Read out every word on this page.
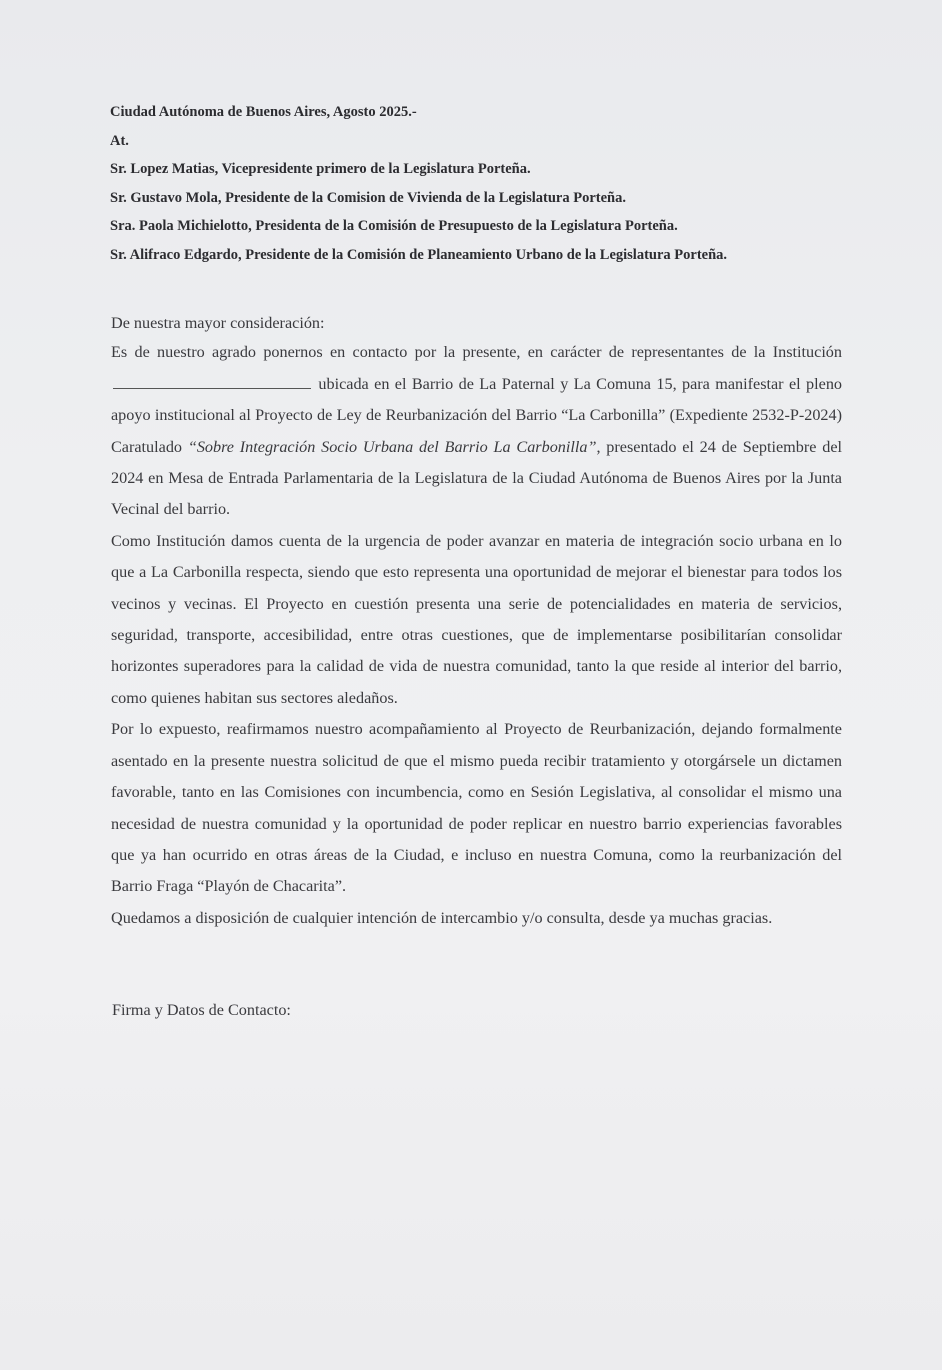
Ciudad Autónoma de Buenos Aires, Agosto 2025.-
At.
Sr. Lopez Matias, Vicepresidente primero de la Legislatura Porteña.
Sr. Gustavo Mola, Presidente de la Comision de Vivienda de la Legislatura Porteña.
Sra. Paola Michielotto, Presidenta de la Comisión de Presupuesto de la Legislatura Porteña.
Sr. Alifraco Edgardo, Presidente de la Comisión de Planeamiento Urbano de la Legislatura Porteña.

De nuestra mayor consideración:

Es de nuestro agrado ponernos en contacto por la presente, en carácter de representantes de la Institución  ubicada en el Barrio de La Paternal y La Comuna 15, para manifestar el pleno apoyo institucional al Proyecto de Ley de Reurbanización del Barrio “La Carbonilla” (Expediente 2532-P-2024) Caratulado “Sobre Integración Socio Urbana del Barrio La Carbonilla”, presentado el 24 de Septiembre del 2024 en Mesa de Entrada Parlamentaria de la Legislatura de la Ciudad Autónoma de Buenos Aires por la Junta Vecinal del barrio.

Como Institución damos cuenta de la urgencia de poder avanzar en materia de integración socio urbana en lo que a La Carbonilla respecta, siendo que esto representa una oportunidad de mejorar el bienestar para todos los vecinos y vecinas. El Proyecto en cuestión presenta una serie de potencialidades en materia de servicios, seguridad, transporte, accesibilidad, entre otras cuestiones, que de implementarse posibilitarían consolidar horizontes superadores para la calidad de vida de nuestra comunidad, tanto la que reside al interior del barrio, como quienes habitan sus sectores aledaños.

Por lo expuesto, reafirmamos nuestro acompañamiento al Proyecto de Reurbanización, dejando formalmente asentado en la presente nuestra solicitud de que el mismo pueda recibir tratamiento y otorgársele un dictamen favorable, tanto en las Comisiones con incumbencia, como en Sesión Legislativa, al consolidar el mismo una necesidad de nuestra comunidad y la oportunidad de poder replicar en nuestro barrio experiencias favorables que ya han ocurrido en otras áreas de la Ciudad, e incluso en nuestra Comuna, como la reurbanización del Barrio Fraga “Playón de Chacarita”.

Quedamos a disposición de cualquier intención de intercambio y/o consulta, desde ya muchas gracias.

Firma y Datos de Contacto:
